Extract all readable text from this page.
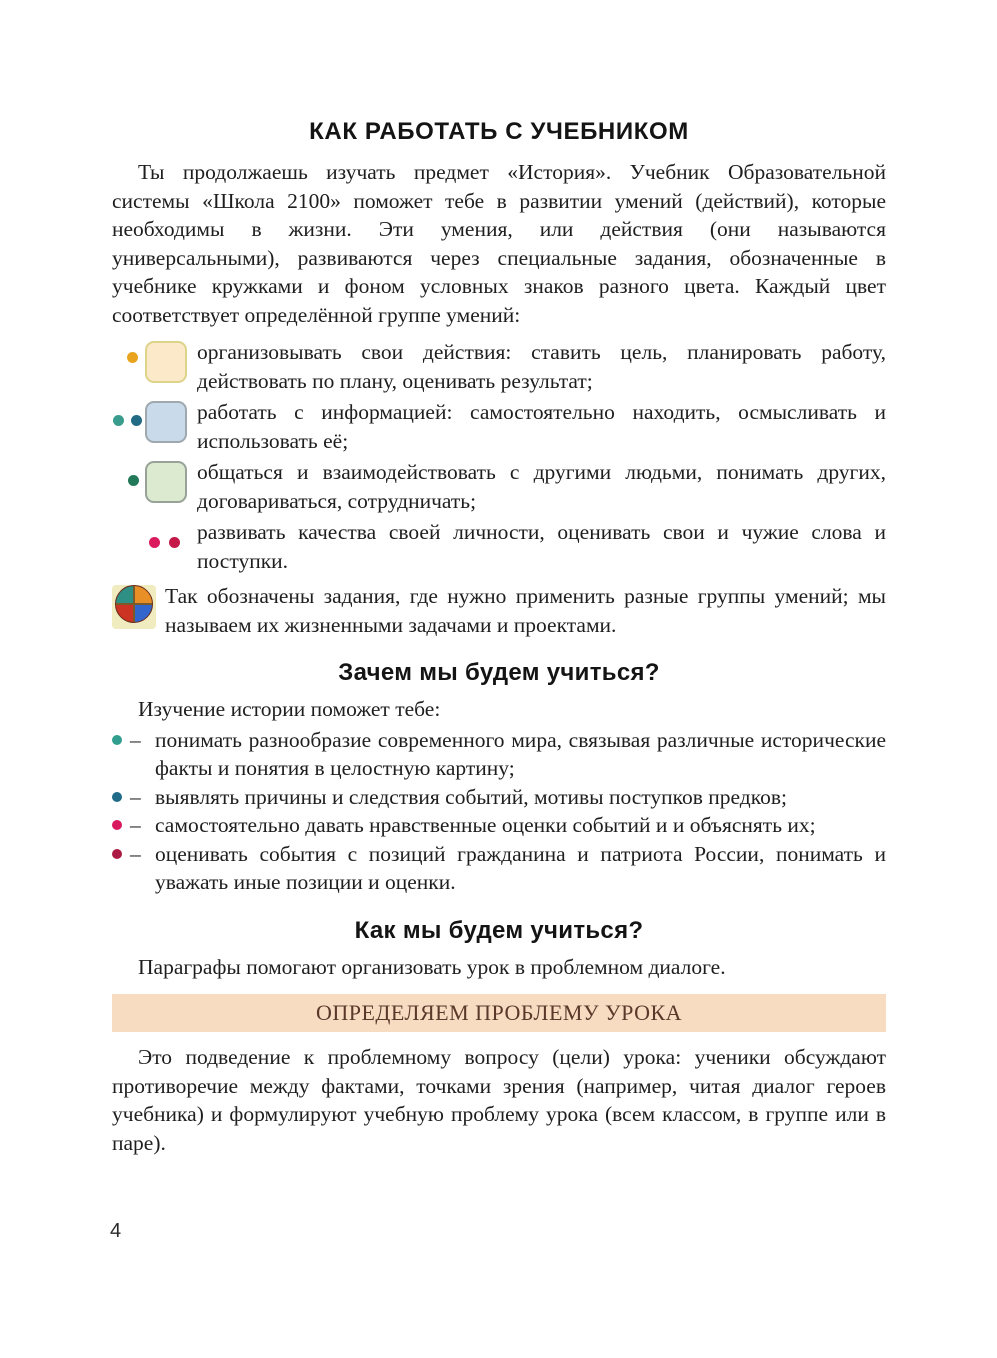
КАК РАБОТАТЬ С УЧЕБНИКОМ

Ты продолжаешь изучать предмет «История». Учебник Образовательной системы «Школа 2100» поможет тебе в развитии умений (действий), которые необходимы в жизни. Эти умения, или действия (они называются универсальными), развиваются через специальные задания, обозначенные в учебнике кружками и фоном условных знаков разного цвета. Каждый цвет соответствует определённой группе умений:

организовывать свои действия: ставить цель, планировать работу, действовать по плану, оценивать результат;
работать с информацией: самостоятельно находить, осмысливать и использовать её;
общаться и взаимодействовать с другими людьми, понимать других, договариваться, сотрудничать;
развивать качества своей личности, оценивать свои и чужие слова и поступки.
Так обозначены задания, где нужно применить разные группы умений; мы называем их жизненными задачами и проектами.
Зачем мы будем учиться?

Изучение истории поможет тебе:

– понимать разнообразие современного мира, связывая различные исторические факты и понятия в целостную картину;
– выявлять причины и следствия событий, мотивы поступков предков;
– самостоятельно давать нравственные оценки событий и и объяснять их;
– оценивать события с позиций гражданина и патриота России, понимать и уважать иные позиции и оценки.
Как мы будем учиться?

Параграфы помогают организовать урок в проблемном диалоге.

ОПРЕДЕЛЯЕМ ПРОБЛЕМУ УРОКА

Это подведение к проблемному вопросу (цели) урока: ученики обсуждают противоречие между фактами, точками зрения (например, читая диалог героев учебника) и формулируют учебную проблему урока (всем классом, в группе или в паре).

4
